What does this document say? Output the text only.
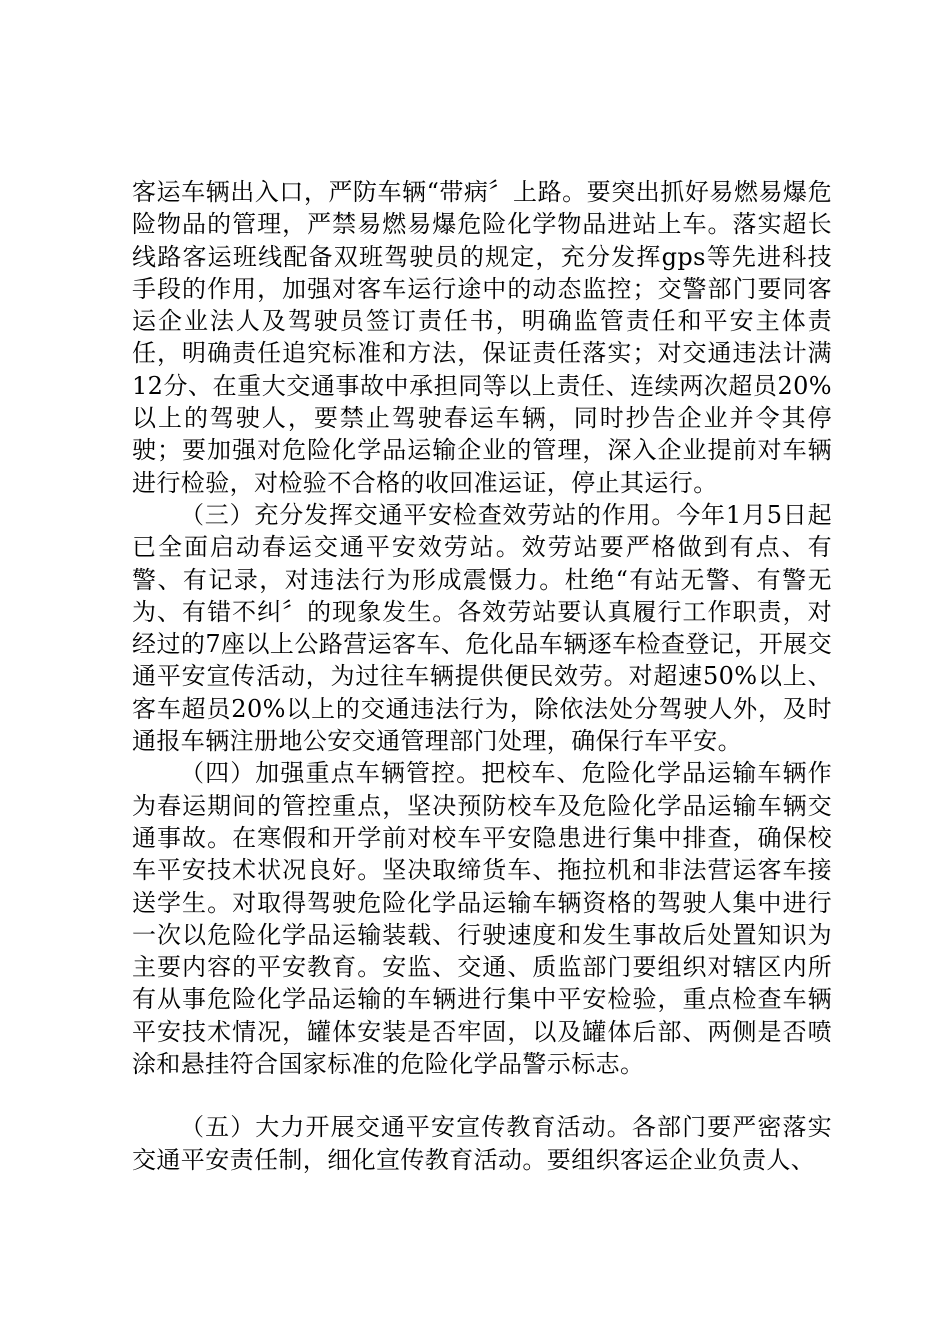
客运车辆出入口，严防车辆“带病〞上路。要突出抓好易燃易爆危险物品的管理，严禁易燃易爆危险化学物品进站上车。落实超长线路客运班线配备双班驾驶员的规定，充分发挥gps等先进科技手段的作用，加强对客车运行途中的动态监控；交警部门要同客运企业法人及驾驶员签订责任书，明确监管责任和平安主体责任，明确责任追究标准和方法，保证责任落实；对交通违法计满12分、在重大交通事故中承担同等以上责任、连续两次超员20%以上的驾驶人，要禁止驾驶春运车辆，同时抄告企业并令其停驶；要加强对危险化学品运输企业的管理，深入企业提前对车辆进行检验，对检验不合格的收回准运证，停止其运行。

（三）充分发挥交通平安检查效劳站的作用。今年1月5日起已全面启动春运交通平安效劳站。效劳站要严格做到有点、有警、有记录，对违法行为形成震慑力。杜绝“有站无警、有警无为、有错不纠〞的现象发生。各效劳站要认真履行工作职责，对经过的7座以上公路营运客车、危化品车辆逐车检查登记，开展交通平安宣传活动，为过往车辆提供便民效劳。对超速50%以上、客车超员20%以上的交通违法行为，除依法处分驾驶人外，及时通报车辆注册地公安交通管理部门处理，确保行车平安。

（四）加强重点车辆管控。把校车、危险化学品运输车辆作为春运期间的管控重点，坚决预防校车及危险化学品运输车辆交通事故。在寒假和开学前对校车平安隐患进行集中排查，确保校车平安技术状况良好。坚决取缔货车、拖拉机和非法营运客车接送学生。对取得驾驶危险化学品运输车辆资格的驾驶人集中进行一次以危险化学品运输装载、行驶速度和发生事故后处置知识为主要内容的平安教育。安监、交通、质监部门要组织对辖区内所有从事危险化学品运输的车辆进行集中平安检验，重点检查车辆平安技术情况，罐体安装是否牢固，以及罐体后部、两侧是否喷涂和悬挂符合国家标准的危险化学品警示标志。

（五）大力开展交通平安宣传教育活动。各部门要严密落实交通平安责任制，细化宣传教育活动。要组织客运企业负责人、
